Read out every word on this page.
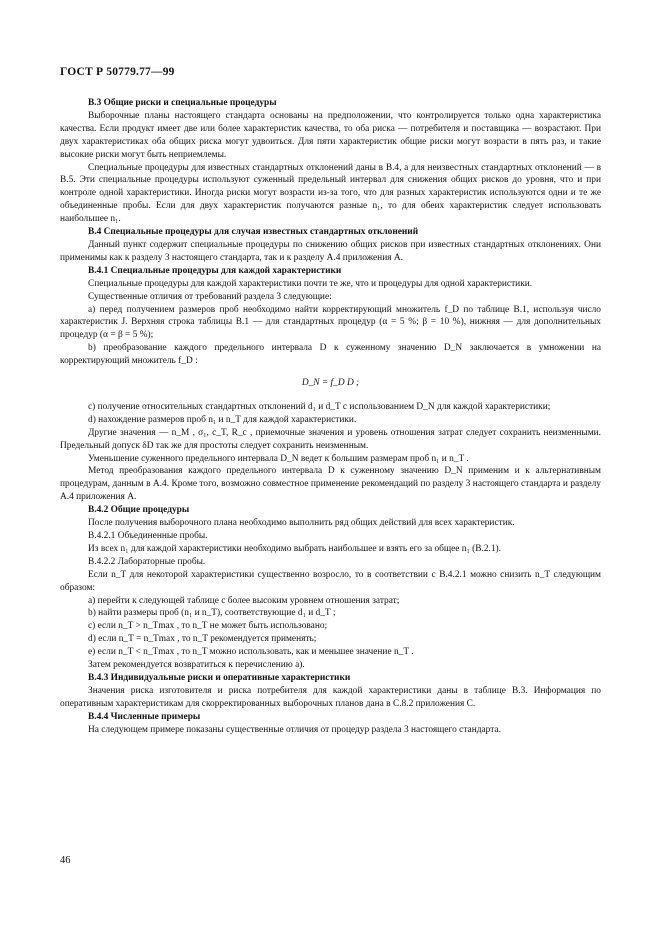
ГОСТ Р 50779.77—99

В.3 Общие риски и специальные процедуры

Выборочные планы настоящего стандарта основаны на предположении, что контролируется только одна характеристика качества. Если продукт имеет две или более характеристик качества, то оба риска — потребителя и поставщика — возрастают. При двух характеристиках оба общих риска могут удвоиться. Для пяти характеристик общие риски могут возрасти в пять раз, и такие высокие риски могут быть неприемлемы.

Специальные процедуры для известных стандартных отклонений даны в В.4, а для неизвестных стандартных отклонений — в В.5. Эти специальные процедуры используют суженный предельный интервал для снижения общих рисков до уровня, что и при контроле одной характеристики. Иногда риски могут возрасти из-за того, что для разных характеристик используются одни и те же объединенные пробы. Если для двух характеристик получаются разные n₁, то для обеих характеристик следует использовать наибольшее n₁.

В.4 Специальные процедуры для случая известных стандартных отклонений

Данный пункт содержит специальные процедуры по снижению общих рисков при известных стандартных отклонениях. Они применимы как к разделу 3 настоящего стандарта, так и к разделу А.4 приложения А.

В.4.1 Специальные процедуры для каждой характеристики

Специальные процедуры для каждой характеристики почти те же, что и процедуры для одной характеристики.

Существенные отличия от требований раздела 3 следующие:

а) перед получением размеров проб необходимо найти корректирующий множитель f_D по таблице В.1, используя число характеристик J. Верхняя строка таблицы В.1 — для стандартных процедур (α = 5 %; β = 10 %), нижняя — для дополнительных процедур (α = β = 5 %);

b) преобразование каждого предельного интервала D к суженному значению D_N заключается в умножении на корректирующий множитель f_D :

D_N = f_D D ;

с) получение относительных стандартных отклонений d₁ и d_T с использованием D_N для каждой характеристики;

d) нахождение размеров проб n₁ и n_T для каждой характеристики.

Другие значения — n_M , σ₁, с_T, R_c , приемочные значения и уровень отношения затрат следует сохранить неизменными. Предельный допуск δD так же для простоты следует сохранить неизменным.

Уменьшение суженного предельного интервала D_N ведет к большим размерам проб n₁ и n_T .

Метод преобразования каждого предельного интервала D к суженному значению D_N применим и к альтернативным процедурам, данным в А.4. Кроме того, возможно совместное применение рекомендаций по разделу 3 настоящего стандарта и разделу А.4 приложения А.

В.4.2 Общие процедуры

После получения выборочного плана необходимо выполнить ряд общих действий для всех характеристик.

В.4.2.1 Объединенные пробы.

Из всех n₁ для каждой характеристики необходимо выбрать наибольшее и взять его за общее n₁ (В.2.1).

В.4.2.2 Лабораторные пробы.

Если n_T для некоторой характеристики существенно возросло, то в соответствии с В.4.2.1 можно снизить n_T следующим образом:

а) перейти к следующей таблице с более высоким уровнем отношения затрат;

b) найти размеры проб (n₁ и n_T), соответствующие d₁ и d_T ;

с) если n_T > n_Tmax , то n_T не может быть использовано;

d) если n_T = n_Tmax , то n_T рекомендуется применять;

е) если n_T < n_Tmax , то n_T можно использовать, как и меньшее значение n_T .

Затем рекомендуется возвратиться к перечислению а).

В.4.3 Индивидуальные риски и оперативные характеристики

Значения риска изготовителя и риска потребителя для каждой характеристики даны в таблице В.3. Информация по оперативным характеристикам для скорректированных выборочных планов дана в С.8.2 приложения С.

В.4.4 Численные примеры

На следующем примере показаны существенные отличия от процедур раздела 3 настоящего стандарта.

46
